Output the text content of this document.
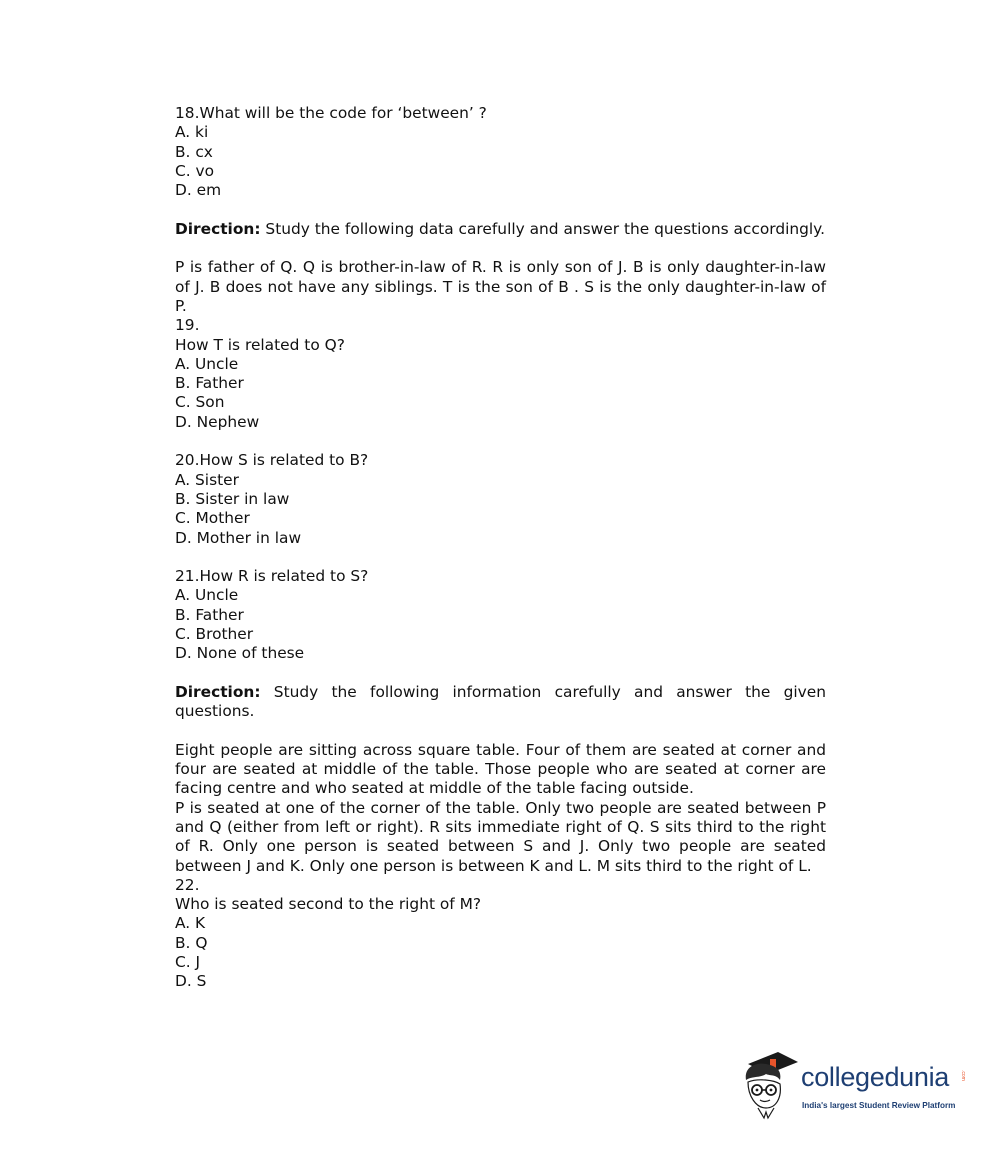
18.What will be the code for ‘between’ ?
A. ki
B. cx
C. vo
D. em
Direction: Study the following data carefully and answer the questions accordingly.
P is father of Q. Q is brother-in-law of R. R is only son of J. B is only daughter-in-law of J. B does not have any siblings. T is the son of B . S is the only daughter-in-law of P.
19.
How T is related to Q?
A. Uncle
B. Father
C. Son
D. Nephew
20.How S is related to B?
A. Sister
B. Sister in law
C. Mother
D. Mother in law
21.How R is related to S?
A. Uncle
B. Father
C. Brother
D. None of these
Direction: Study the following information carefully and answer the given questions.
Eight people are sitting across square table. Four of them are seated at corner and four are seated at middle of the table. Those people who are seated at corner are facing centre and who seated at middle of the table facing outside.
P is seated at one of the corner of the table. Only two people are seated between P and Q (either from left or right). R sits immediate right of Q. S sits third to the right of R. Only one person is seated between S and J. Only two people are seated between J and K. Only one person is between K and L. M sits third to the right of L.
22.
Who is seated second to the right of M?
A. K
B. Q
C. J
D. S
collegedunia .com
India's largest Student Review Platform
